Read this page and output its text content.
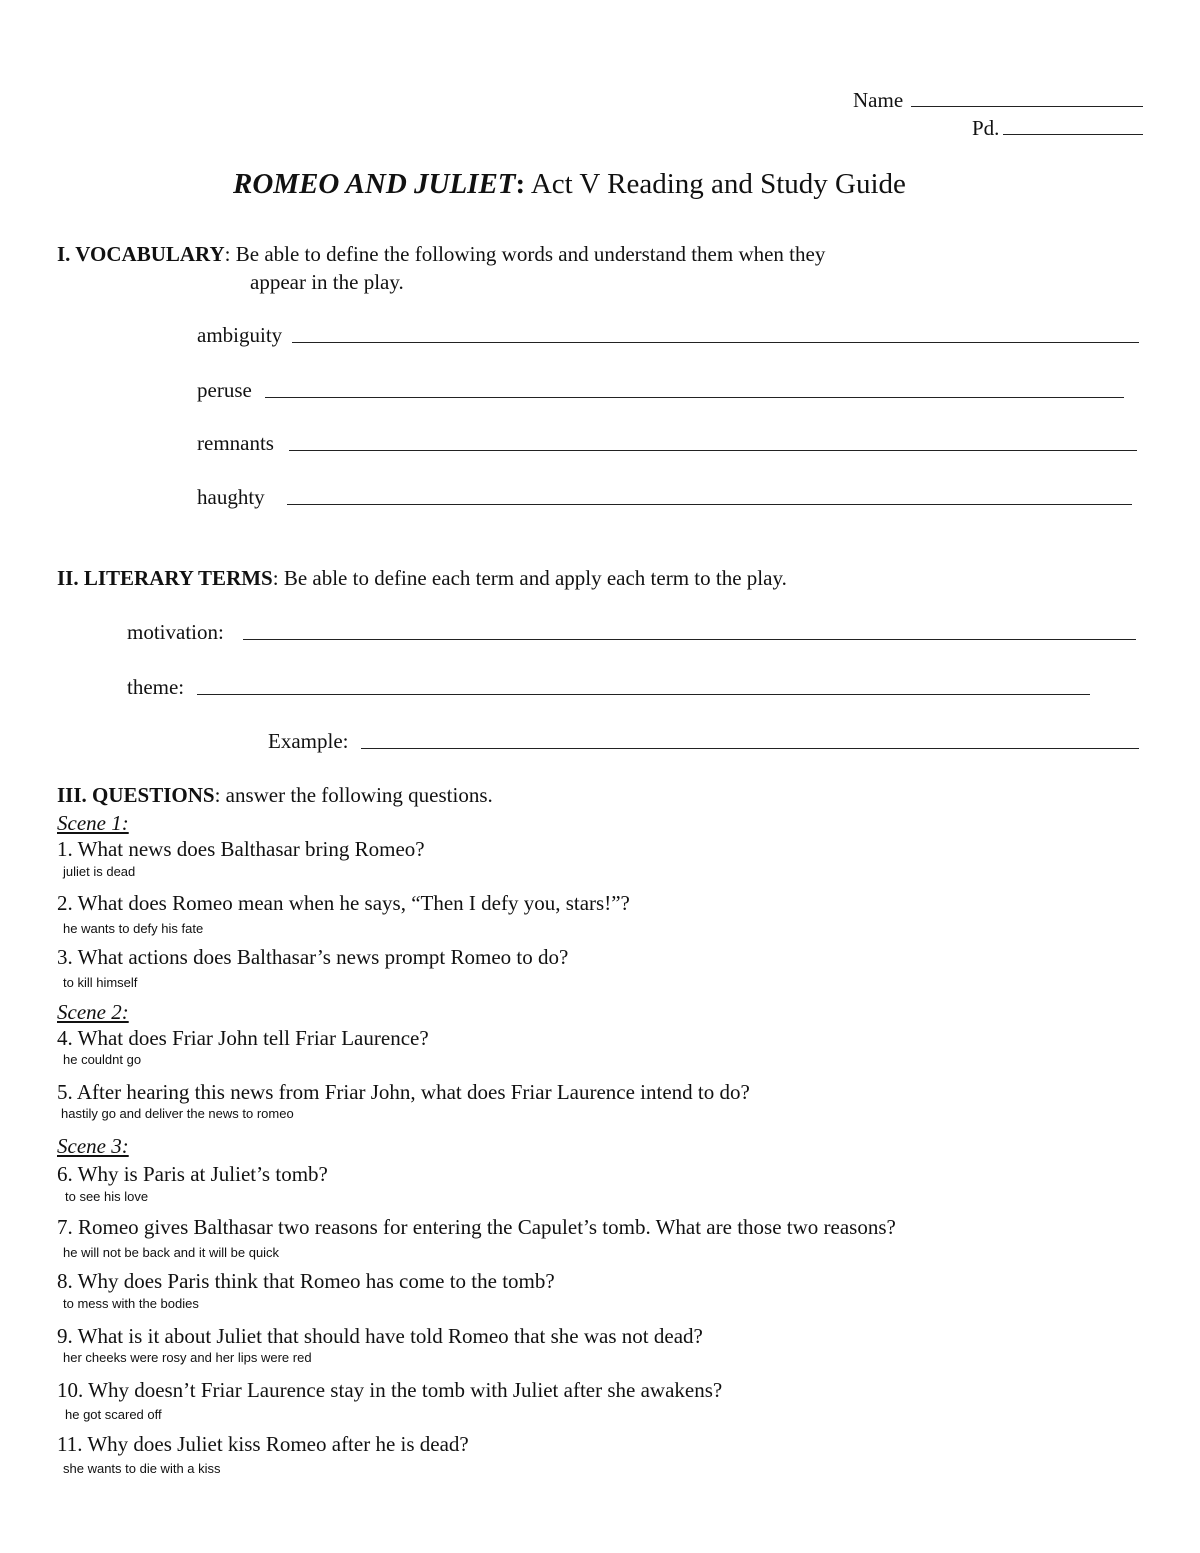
Name
Pd.
ROMEO AND JULIET: Act V Reading and Study Guide
I. VOCABULARY: Be able to define the following words and understand them when they
appear in the play.
ambiguity
peruse
remnants
haughty
II. LITERARY TERMS: Be able to define each term and apply each term to the play.
motivation:
theme:
Example:
III. QUESTIONS: answer the following questions.
Scene 1:
1. What news does Balthasar bring Romeo?
juliet is dead
2. What does Romeo mean when he says, “Then I defy you, stars!”?
he wants to defy his fate
3. What actions does Balthasar’s news prompt Romeo to do?
to kill himself
Scene 2:
4. What does Friar John tell Friar Laurence?
he couldnt go
5. After hearing this news from Friar John, what does Friar Laurence intend to do?
hastily go and deliver the news to romeo
Scene 3:
6. Why is Paris at Juliet’s tomb?
to see his love
7. Romeo gives Balthasar two reasons for entering the Capulet’s tomb. What are those two reasons?
he will not be back and it will be quick
8. Why does Paris think that Romeo has come to the tomb?
to mess with the bodies
9. What is it about Juliet that should have told Romeo that she was not dead?
her cheeks were rosy and her lips were red
10. Why doesn’t Friar Laurence stay in the tomb with Juliet after she awakens?
he got scared off
11. Why does Juliet kiss Romeo after he is dead?
she wants to die with a kiss
